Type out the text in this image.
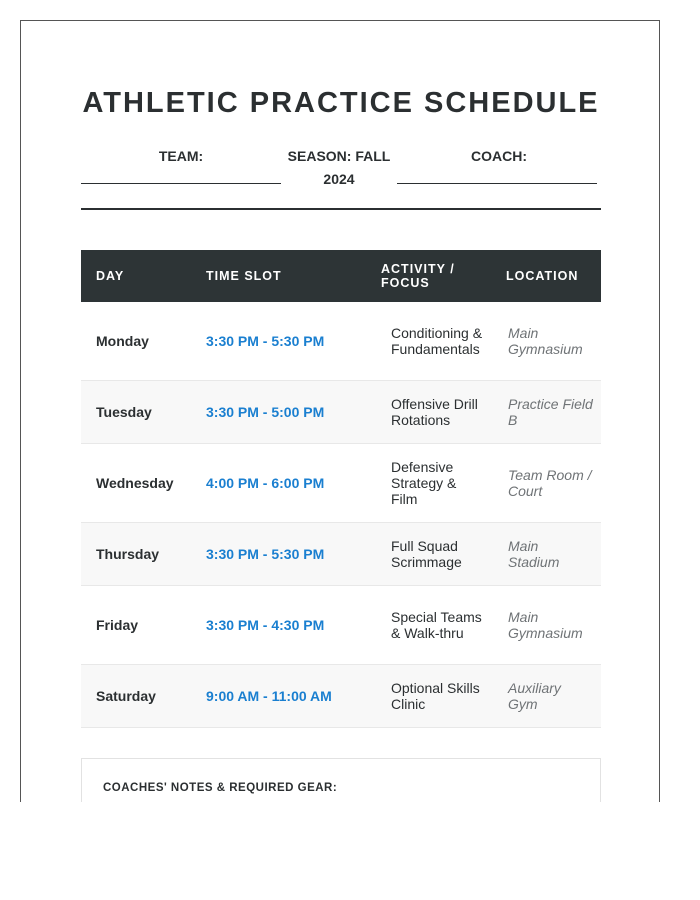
ATHLETIC PRACTICE SCHEDULE
TEAM:	SEASON: FALL 2024
COACH:
DAY	TIME SLOT	ACTIVITY / FOCUS	LOCATION
Monday	3:30 PM - 5:30 PM	Conditioning & Fundamentals	Main Gymnasium
Tuesday	3:30 PM - 5:00 PM	Offensive Drill Rotations	Practice Field B
Wednesday	4:00 PM - 6:00 PM	Defensive Strategy & Film	Team Room / Court
Thursday	3:30 PM - 5:30 PM	Full Squad Scrimmage	Main Stadium
Friday	3:30 PM - 4:30 PM	Special Teams & Walk-thru	Main Gymnasium
Saturday	9:00 AM - 11:00 AM	Optional Skills Clinic	Auxiliary Gym
COACHES' NOTES & REQUIRED GEAR:
